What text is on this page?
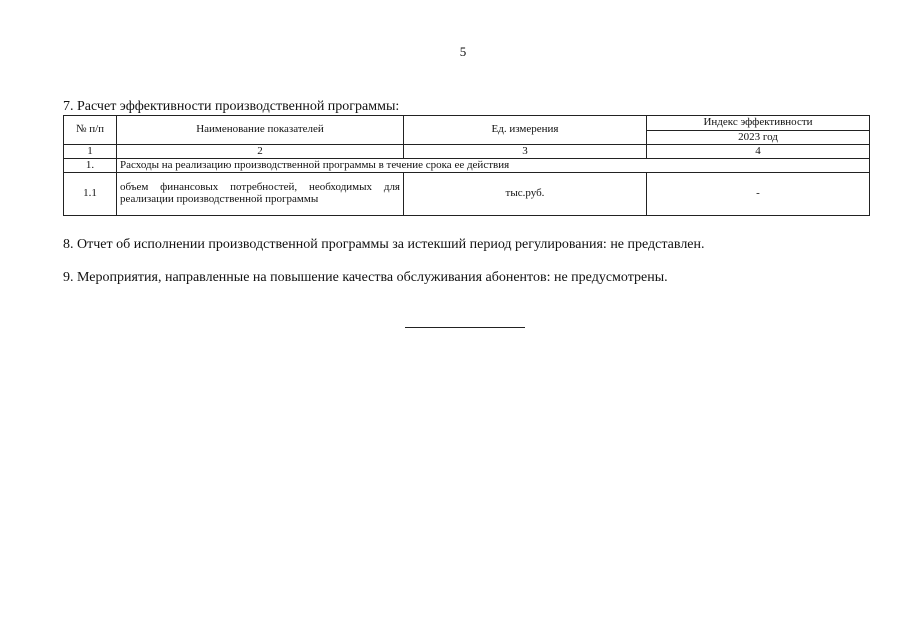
5
7. Расчет эффективности производственной программы:
№ п/п	Наименование показателей	Ед. измерения	Индекс эффективности
			2023 год
1	2	3	4
1.	Расходы на реализацию производственной программы в течение срока ее действия		
1.1	объем финансовых потребностей, необходимых для реализации производственной программы	тыс.руб.	-
8. Отчет об исполнении производственной программы за истекший период регулирования: не представлен.
9. Мероприятия, направленные на повышение качества обслуживания абонентов: не предусмотрены.
